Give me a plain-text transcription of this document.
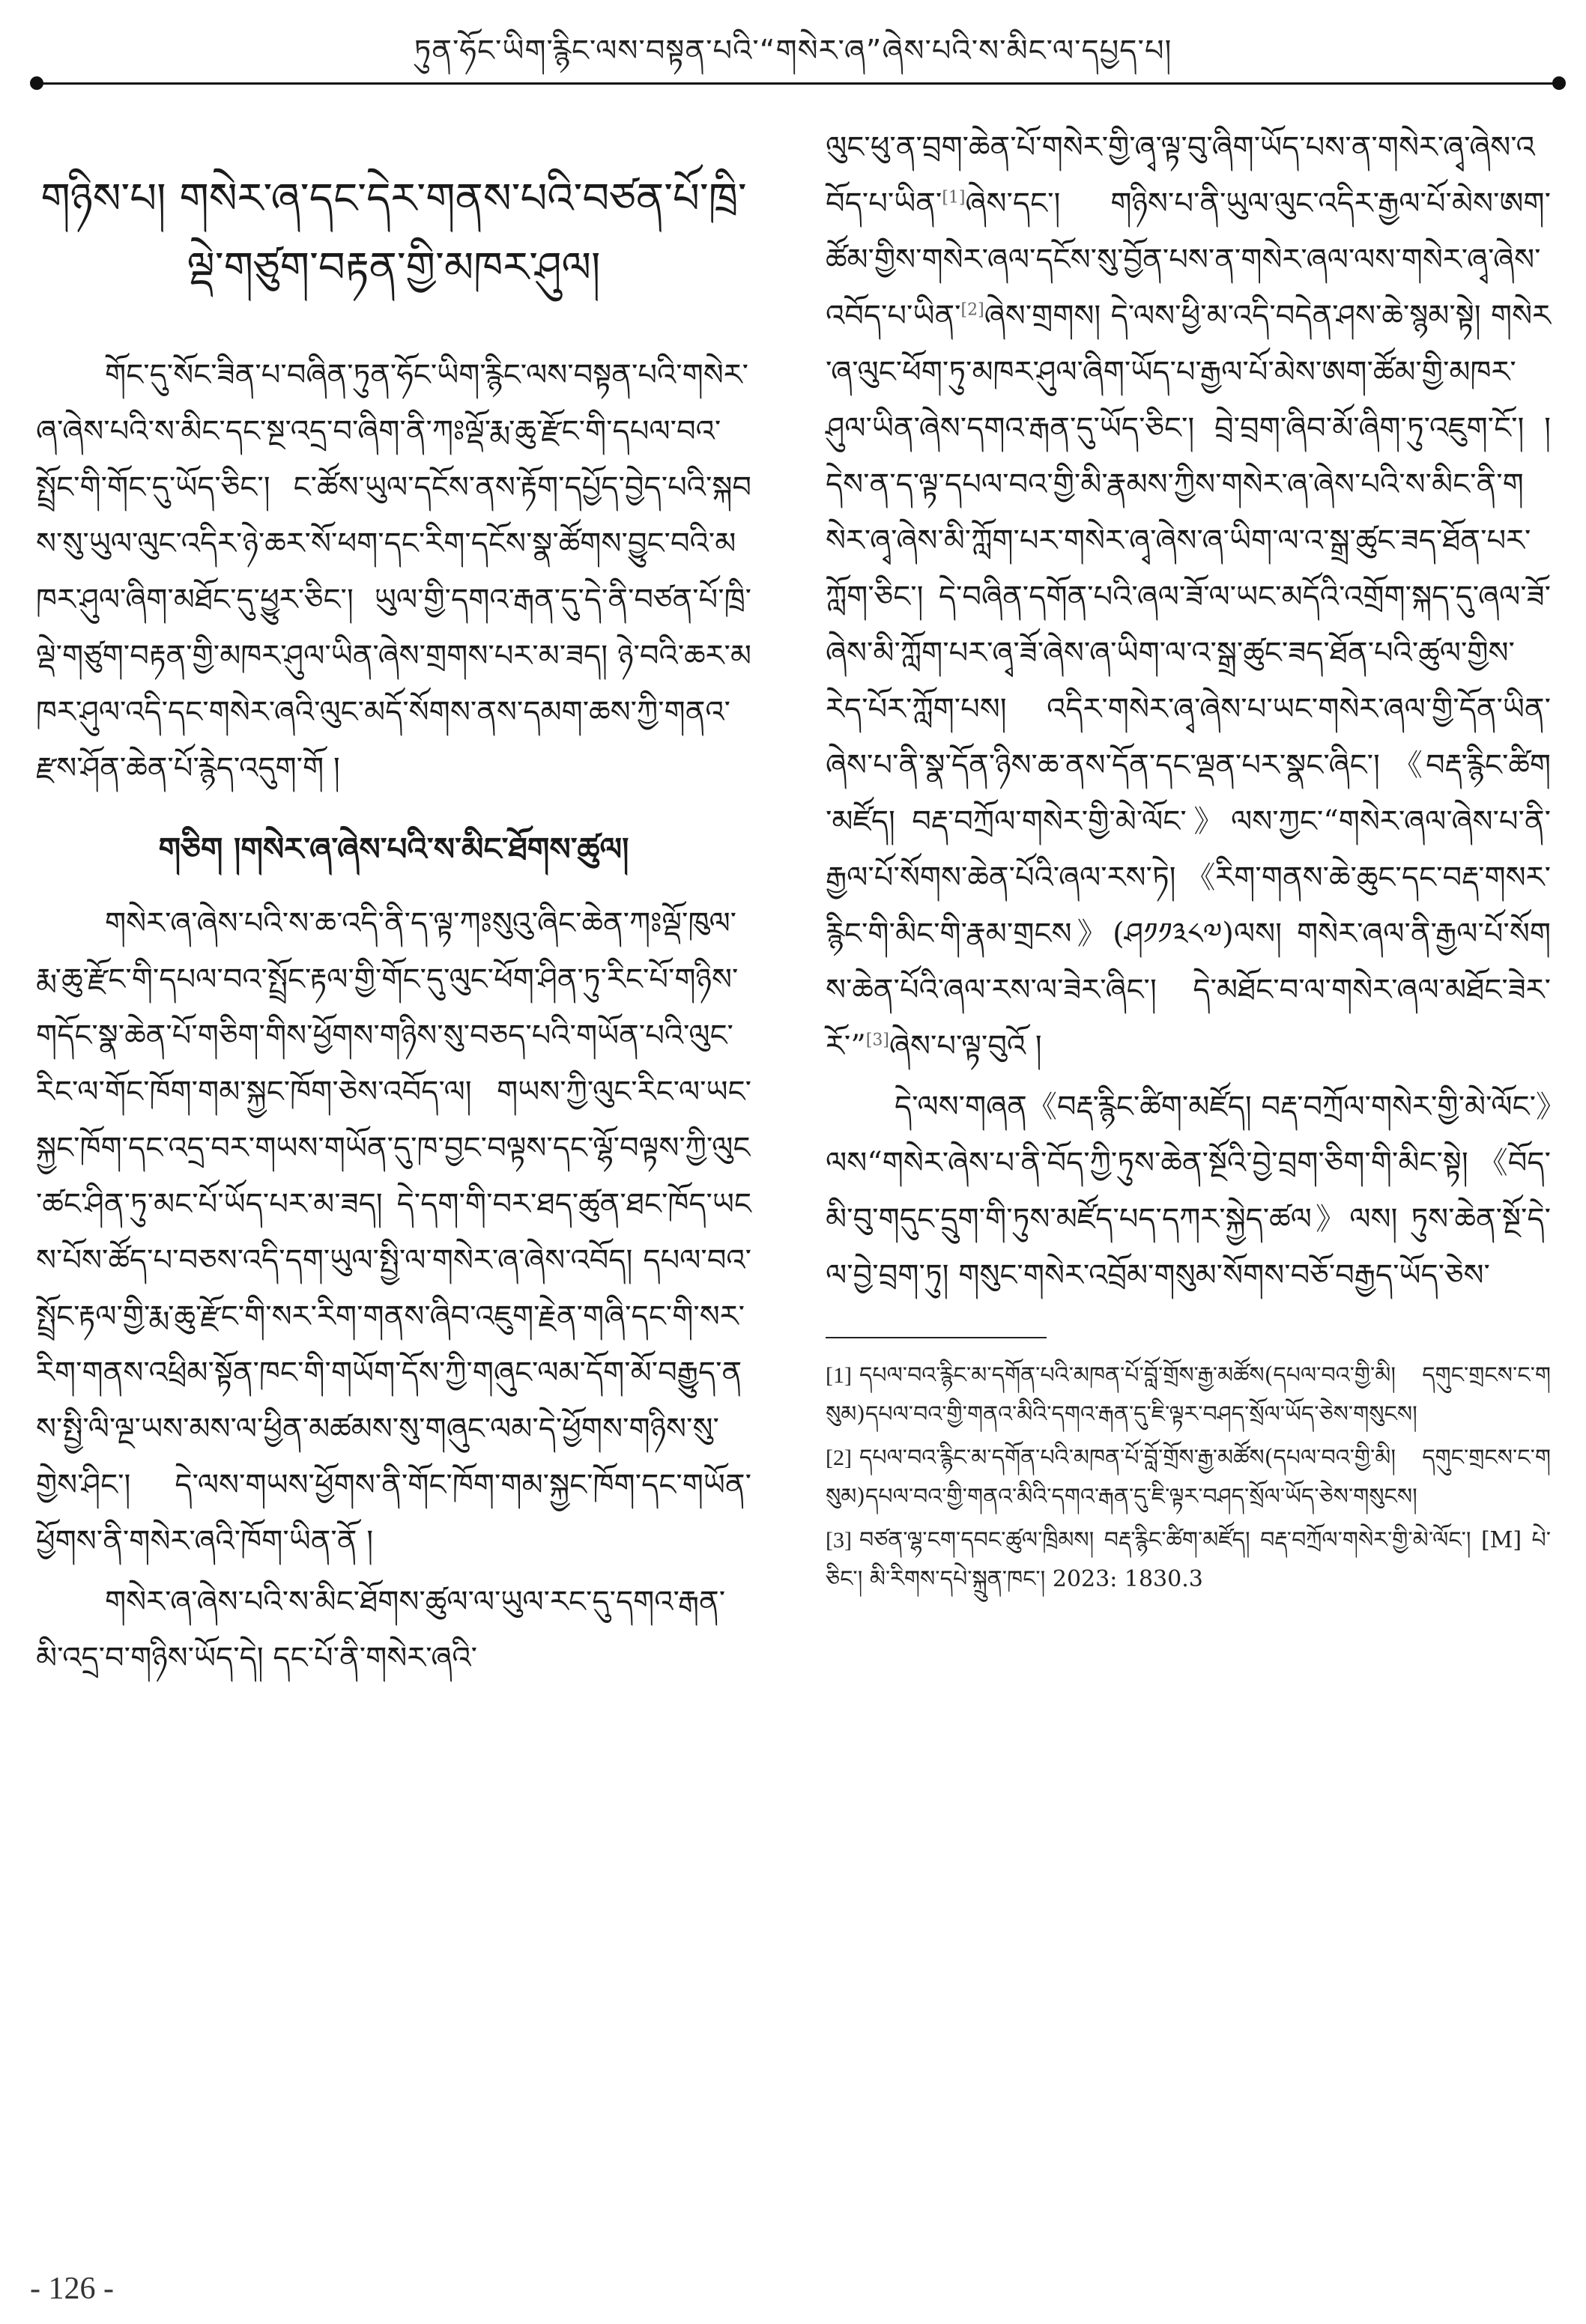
ཏུན་ཧོང་ཡིག་རྙིང་ལས་བསྟན་པའི་“གསེར་ཞ”ཞེས་པའི་ས་མིང་ལ་དཔྱད་པ།
གཉིས་པ། གསེར་ཞ་དང་དེར་གནས་པའི་བཙན་པོ་ཁྲི་ལྡེ་གཙུག་བརྟན་གྱི་མཁར་ཤུལ།

གོང་དུ་སོང་ཟིན་པ་བཞིན་ཏུན་ཧོང་ཡིག་རྙིང་ལས་བསྟན་པའི་གསེར་ཞ་ཞེས་པའི་ས་མིང་དང་སྔ་འདྲ་བ་ཞིག་ནི་ཀཿལྡོ་རྨ་ཆུ་རྫོང་གི་དཔལ་བའ་སྤྲོང་གི་གོང་དུ་ཡོད་ཅིང་། ང་ཚོས་ཡུལ་དངོས་ནས་རྟོག་དཔྱོད་བྱེད་པའི་སྐབས་སུ་ཡུལ་ལུང་འདིར་ཉེ་ཆར་སོ་ཕག་དང་རིག་དངོས་སྣ་ཚོགས་བྱུང་བའི་མཁར་ཤུལ་ཞིག་མཐོང་དུ་ཕྱུར་ཅིང་། ཡུལ་གྱི་དགའ་རྒན་དུ་དེ་ནི་བཙན་པོ་ཁྲི་ལྡེ་གཙུག་བརྟན་གྱི་མཁར་ཤུལ་ཡིན་ཞེས་གྲགས་པར་མ་ཟད། ཉེ་བའི་ཆར་མཁར་ཤུལ་འདི་དང་གསེར་ཞའི་ལུང་མདོ་སོགས་ནས་དམག་ཆས་ཀྱི་གནའ་རྫས་ཤོན་ཆེན་པོ་རྙེད་འདུག་གོ །

གཅིག །གསེར་ཞ་ཞེས་པའི་ས་མིང་ཐོགས་ཚུལ།

གསེར་ཞ་ཞེས་པའི་ས་ཆ་འདི་ནི་ད་ལྟ་ཀཿསུའུ་ཞིང་ཆེན་ཀཿལྡོ་ཁུལ་རྨ་ཆུ་རྫོང་གི་དཔལ་བའ་སྤྲོང་རྟལ་གྱི་གོང་དུ་ལུང་ཕོག་ཤིན་ཏུ་རིང་པོ་གཉིས་གདོང་སྣ་ཆེན་པོ་གཅིག་གིས་ཕྱོགས་གཉིས་སུ་བཅད་པའི་གཡོན་པའི་ལུང་རིང་ལ་གོང་ཁོག་གམ་སྐྱང་ཁོག་ཅེས་འབོད་ལ། གཡས་ཀྱི་ལུང་རིང་ལ་ཡང་སྐྱང་ཁོག་དང་འདྲ་བར་གཡས་གཡོན་དུ་ཁ་བྱང་བལྟས་དང་ལྷོ་བལྟས་ཀྱི་ལུང་ཚང་ཤིན་ཏུ་མང་པོ་ཡོད་པར་མ་ཟད། དེ་དག་གི་བར་ཐད་ཚུན་ཐང་ཁོད་ཡངས་པོས་ཚོད་པ་བཅས་འདི་དག་ཡུལ་སྤྱི་ལ་གསེར་ཞ་ཞེས་འབོད། དཔལ་བའ་སྤྲོང་རྟལ་གྱི་རྨ་ཆུ་རྫོང་གི་སར་རིག་གནས་ཞིབ་འཇུག་རྗེན་གཞི་དང་གི་སར་རིག་གནས་འཕྲིམ་སྟོན་ཁང་གི་གཡོག་དོས་ཀྱི་གཞུང་ལམ་དོག་མོ་བརྒྱུད་ནས་སྤྱི་ལི་ལྔ་ཡས་མས་ལ་ཕྱིན་མཚམས་སུ་གཞུང་ལམ་དེ་ཕྱོགས་གཉིས་སུ་གྱེས་ཤིང་། དེ་ལས་གཡས་ཕྱོགས་ནི་གོང་ཁོག་གམ་སྐྱང་ཁོག་དང་གཡོན་ཕྱོགས་ནི་གསེར་ཞའི་ཁོག་ཡིན་ནོ །

གསེར་ཞ་ཞེས་པའི་ས་མིང་ཐོགས་ཚུལ་ལ་ཡུལ་རང་དུ་དགའ་རྒན་མི་འདྲ་བ་གཉིས་ཡོད་དེ། དང་པོ་ནི་གསེར་ཞའི་

ལུང་ཕུ་ན་བྲག་ཆེན་པོ་གསེར་གྱི་ཞྭ་ལྟ་བུ་ཞིག་ཡོད་པས་ན་གསེར་ཞྭ་ཞེས་འབོད་པ་ཡིན་[1]ཞེས་དང་། གཉིས་པ་ནི་ཡུལ་ལུང་འདིར་རྒྱལ་པོ་མེས་ཨག་ཚོམ་གྱིས་གསེར་ཞལ་དངོས་སུ་བྱོན་པས་ན་གསེར་ཞལ་ལས་གསེར་ཞྭ་ཞེས་འབོད་པ་ཡིན་[2]ཞེས་གྲགས། དེ་ལས་ཕྱི་མ་འདི་བདེན་ཤས་ཆེ་སྙམ་སྟེ། གསེར་ཞ་ལུང་ཕོག་ཏུ་མཁར་ཤུལ་ཞིག་ཡོད་པ་རྒྱལ་པོ་མེས་ཨག་ཚོམ་གྱི་མཁར་ཤུལ་ཡིན་ཞེས་དགའ་རྒན་དུ་ཡོད་ཅིང་། བྲེ་བྲག་ཞིབ་མོ་ཞིག་ཏུ་འཇུག་ངོ་། །དེས་ན་ད་ལྟ་དཔལ་བའ་གྱི་མི་རྣམས་ཀྱིས་གསེར་ཞ་ཞེས་པའི་ས་མིང་ནི་གསེར་ཞྭ་ཞེས་མི་ཀློག་པར་གསེར་ཞྭ་ཞེས་ཞ་ཡིག་ལ་འ་སྒྲ་ཚུང་ཟད་ཐོན་པར་ཀློག་ཅིང་། དེ་བཞིན་དགོན་པའི་ཞལ་ཟོ་ལ་ཡང་མདོའི་འགྲོག་སྐད་དུ་ཞལ་ཟོ་ཞེས་མི་ཀློག་པར་ཞྭ་ཟོ་ཞེས་ཞ་ཡིག་ལ་འ་སྒྲ་ཚུང་ཟད་ཐོན་པའི་ཚུལ་གྱིས་རེད་པོར་ཀློག་པས། འདིར་གསེར་ཞྭ་ཞེས་པ་ཡང་གསེར་ཞལ་གྱི་དོན་ཡིན་ཞེས་པ་ནི་སྣ་དོན་ཉིས་ཆ་ནས་དོན་དང་ལྡན་པར་སྣང་ཞིང་། 《བརྡ་རྙིང་ཚིག་མཛོད། བརྡ་བཀྲོལ་གསེར་གྱི་མེ་ལོང་》ལས་ཀྱང་“གསེར་ཞལ་ཞེས་པ་ནི་རྒྱལ་པོ་སོགས་ཆེན་པོའི་ཞལ་རས་ཏེ། 《རིག་གནས་ཆེ་ཆུང་དང་བརྡ་གསར་རྙིང་གི་མིང་གི་རྣམ་གྲངས》(ཤ༡༡༣༨༧)ལས། གསེར་ཞལ་ནི་རྒྱལ་པོ་སོགས་ཆེན་པོའི་ཞལ་རས་ལ་ཟེར་ཞིང་། དེ་མཐོང་བ་ལ་གསེར་ཞལ་མཐོང་ཟེར་རོ་”[3]ཞེས་པ་ལྟ་བུའོ །

དེ་ལས་གཞན《བརྡ་རྙིང་ཚིག་མཛོད། བརྡ་བཀྲོལ་གསེར་གྱི་མེ་ལོང་》ལས“གསེར་ཞེས་པ་ནི་བོད་ཀྱི་ཏུས་ཆེན་སྔོའི་བྱེ་བྲག་ཅིག་གི་མིང་སྟེ། 《བོད་མི་བུ་གདུང་དྲུག་གི་ཏུས་མཛོད་པད་དཀར་སྐྱེད་ཚལ》ལས། ཏུས་ཆེན་སྔོ་དེ་ལ་བྱེ་བྲག་ཏུ། གསུང་གསེར་འབྲོམ་གསུམ་སོགས་བཅོ་བརྒྱད་ཡོད་ཅེས་

[1] དཔལ་བའ་རྙིང་མ་དགོན་པའི་མཁན་པོ་བློ་གྲོས་རྒྱ་མཚོས(དཔལ་བའ་གྱི་མི། དགུང་གྲངས་ང་གསུམ)དཔལ་བའ་གྱི་གནའ་མིའི་དགའ་རྒན་དུ་ཇི་ལྟར་བཤད་སྲོལ་ཡོད་ཅེས་གསུངས།

[2] དཔལ་བའ་རྙིང་མ་དགོན་པའི་མཁན་པོ་བློ་གྲོས་རྒྱ་མཚོས(དཔལ་བའ་གྱི་མི། དགུང་གྲངས་ང་གསུམ)དཔལ་བའ་གྱི་གནའ་མིའི་དགའ་རྒན་དུ་ཇི་ལྟར་བཤད་སྲོལ་ཡོད་ཅེས་གསུངས།

[3] བཙན་ལྷ་ངག་དབང་ཚུལ་ཁྲིམས། བརྡ་རྙིང་ཚིག་མཛོད། བརྡ་བཀྲོལ་གསེར་གྱི་མེ་ལོང་། [M] པེ་ཅིང་། མི་རིགས་དཔེ་སྐྲུན་ཁང་། 2023: 1830.3

- 126 -
